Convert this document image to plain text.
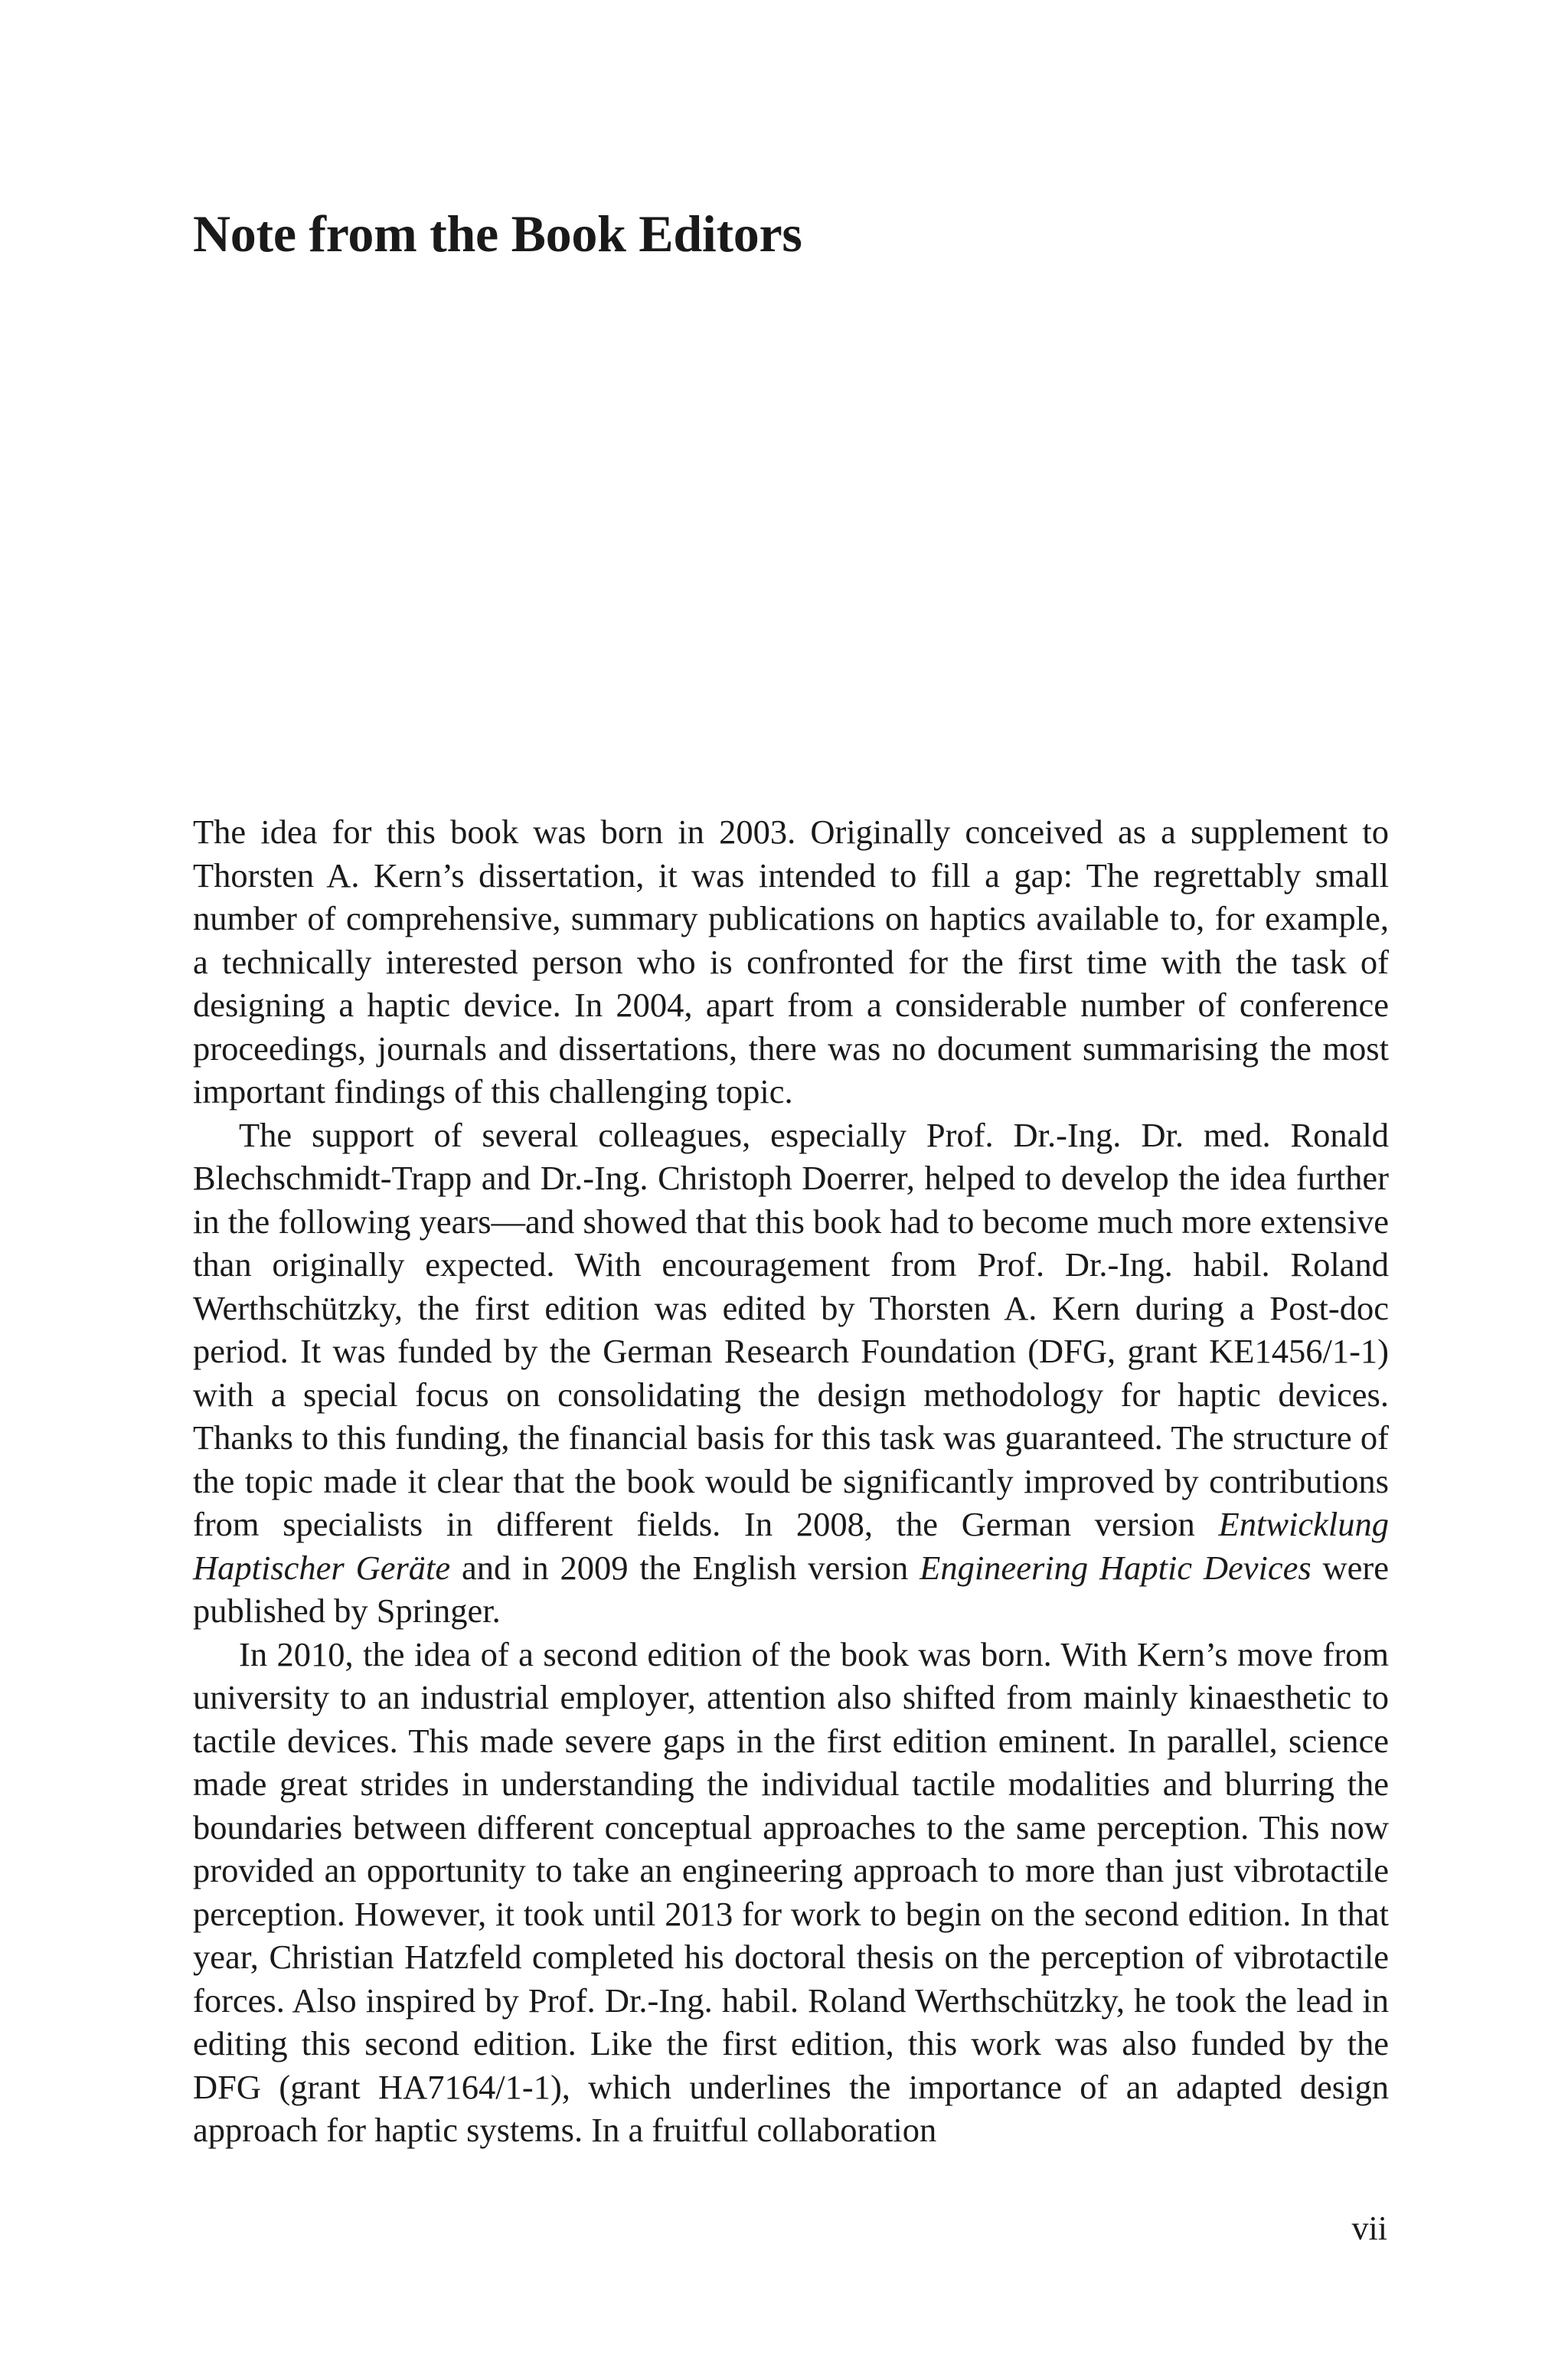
Note from the Book Editors

The idea for this book was born in 2003. Originally conceived as a supplement to Thorsten A. Kern’s dissertation, it was intended to fill a gap: The regrettably small number of comprehensive, summary publications on haptics available to, for example, a technically interested person who is confronted for the first time with the task of designing a haptic device. In 2004, apart from a considerable number of conference proceedings, journals and dissertations, there was no document summarising the most important findings of this challenging topic.

The support of several colleagues, especially Prof. Dr.-Ing. Dr. med. Ronald Blechschmidt-Trapp and Dr.-Ing. Christoph Doerrer, helped to develop the idea further in the following years—and showed that this book had to become much more extensive than originally expected. With encouragement from Prof. Dr.-Ing. habil. Roland Werthschützky, the first edition was edited by Thorsten A. Kern during a Post-doc period. It was funded by the German Research Foundation (DFG, grant KE1456/1-1) with a special focus on consolidating the design methodology for haptic devices. Thanks to this funding, the financial basis for this task was guaranteed. The structure of the topic made it clear that the book would be significantly improved by contributions from specialists in different fields. In 2008, the German version Entwicklung Haptischer Geräte and in 2009 the English version Engineering Haptic Devices were published by Springer.

In 2010, the idea of a second edition of the book was born. With Kern’s move from university to an industrial employer, attention also shifted from mainly kinaesthetic to tactile devices. This made severe gaps in the first edition eminent. In parallel, science made great strides in understanding the individual tactile modalities and blurring the boundaries between different conceptual approaches to the same perception. This now provided an opportunity to take an engineering approach to more than just vibrotactile perception. However, it took until 2013 for work to begin on the second edition. In that year, Christian Hatzfeld completed his doctoral thesis on the perception of vibrotactile forces. Also inspired by Prof. Dr.-Ing. habil. Roland Werthschützky, he took the lead in editing this second edition. Like the first edition, this work was also funded by the DFG (grant HA7164/1-1), which underlines the importance of an adapted design approach for haptic systems. In a fruitful collaboration

vii
